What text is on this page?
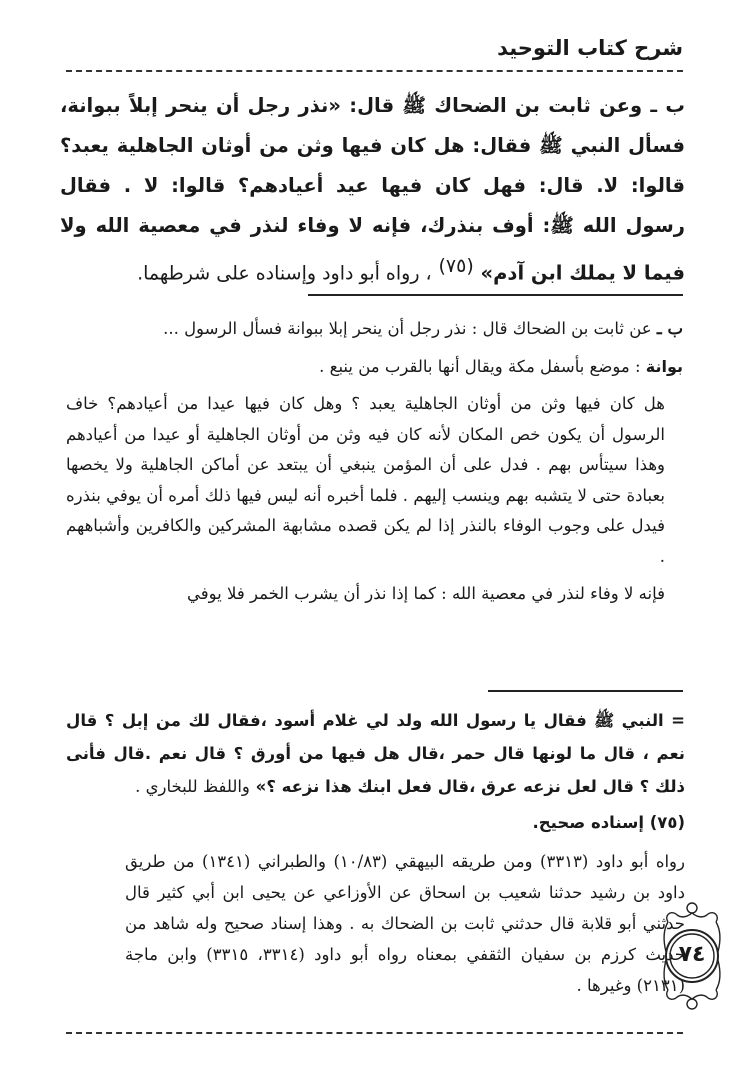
شرح كتاب التوحيد
ب ـ وعن ثابت بن الضحاك ﷺ قال: «نذر رجل أن ينحر إبلاً ببوانة، فسأل النبي ﷺ فقال: هل كان فيها وثن من أوثان الجاهلية يعبد؟ قالوا: لا. قال: فهل كان فيها عيد أعيادهم؟ قالوا: لا . فقال رسول الله ﷺ: أوف بنذرك، فإنه لا وفاء لنذر في معصية الله ولا فيما لا يملك ابن آدم» $^{(٧٥)}$ ، رواه أبو داود وإسناده على شرطهما.

ب ـ عن ثابت بن الضحاك قال : نذر رجل أن ينحر إبلا ببوانة فسأل الرسول ...

بوانة : موضع بأسفل مكة ويقال أنها بالقرب من ينبع .

هل كان فيها وثن من أوثان الجاهلية يعبد ؟ وهل كان فيها عيدا من أعيادهم؟ خاف الرسول أن يكون خص المكان لأنه كان فيه وثن من أوثان الجاهلية أو عيدا من أعيادهم وهذا سيتأس بهم . فدل على أن المؤمن ينبغي أن يبتعد عن أماكن الجاهلية ولا يخصها بعبادة حتى لا يتشبه بهم وينسب إليهم . فلما أخبره أنه ليس فيها ذلك أمره أن يوفي بنذره فيدل على وجوب الوفاء بالنذر إذا لم يكن قصده مشابهة المشركين والكافرين وأشباههم .

فإنه لا وفاء لنذر في معصية الله : كما إذا نذر أن يشرب الخمر فلا يوفي

= النبي ﷺ فقال يا رسول الله ولد لي غلام أسود ،فقال لك من إبل ؟ قال نعم ، قال ما لونها قال حمر ،قال هل فيها من أورق ؟ قال نعم .قال فأنى ذلك ؟ قال لعل نزعه عرق ،قال فعل ابنك هذا نزعه ؟» واللفظ للبخاري .

(٧٥) إسناده صحيح.

رواه أبو داود (٣٣١٣) ومن طريقه البيهقي (١٠/٨٣) والطبراني (١٣٤١) من طريق داود بن رشيد حدثنا شعيب بن اسحاق عن الأوزاعي عن يحيى ابن أبي كثير قال حدثني أبو قلابة قال حدثني ثابت بن الضحاك به . وهذا إسناد صحيح وله شاهد من حديث كرزم بن سفيان الثقفي بمعناه رواه أبو داود (٣٣١٤، ٣٣١٥) وابن ماجة (٢١٣١) وغيرها .

٧٤
